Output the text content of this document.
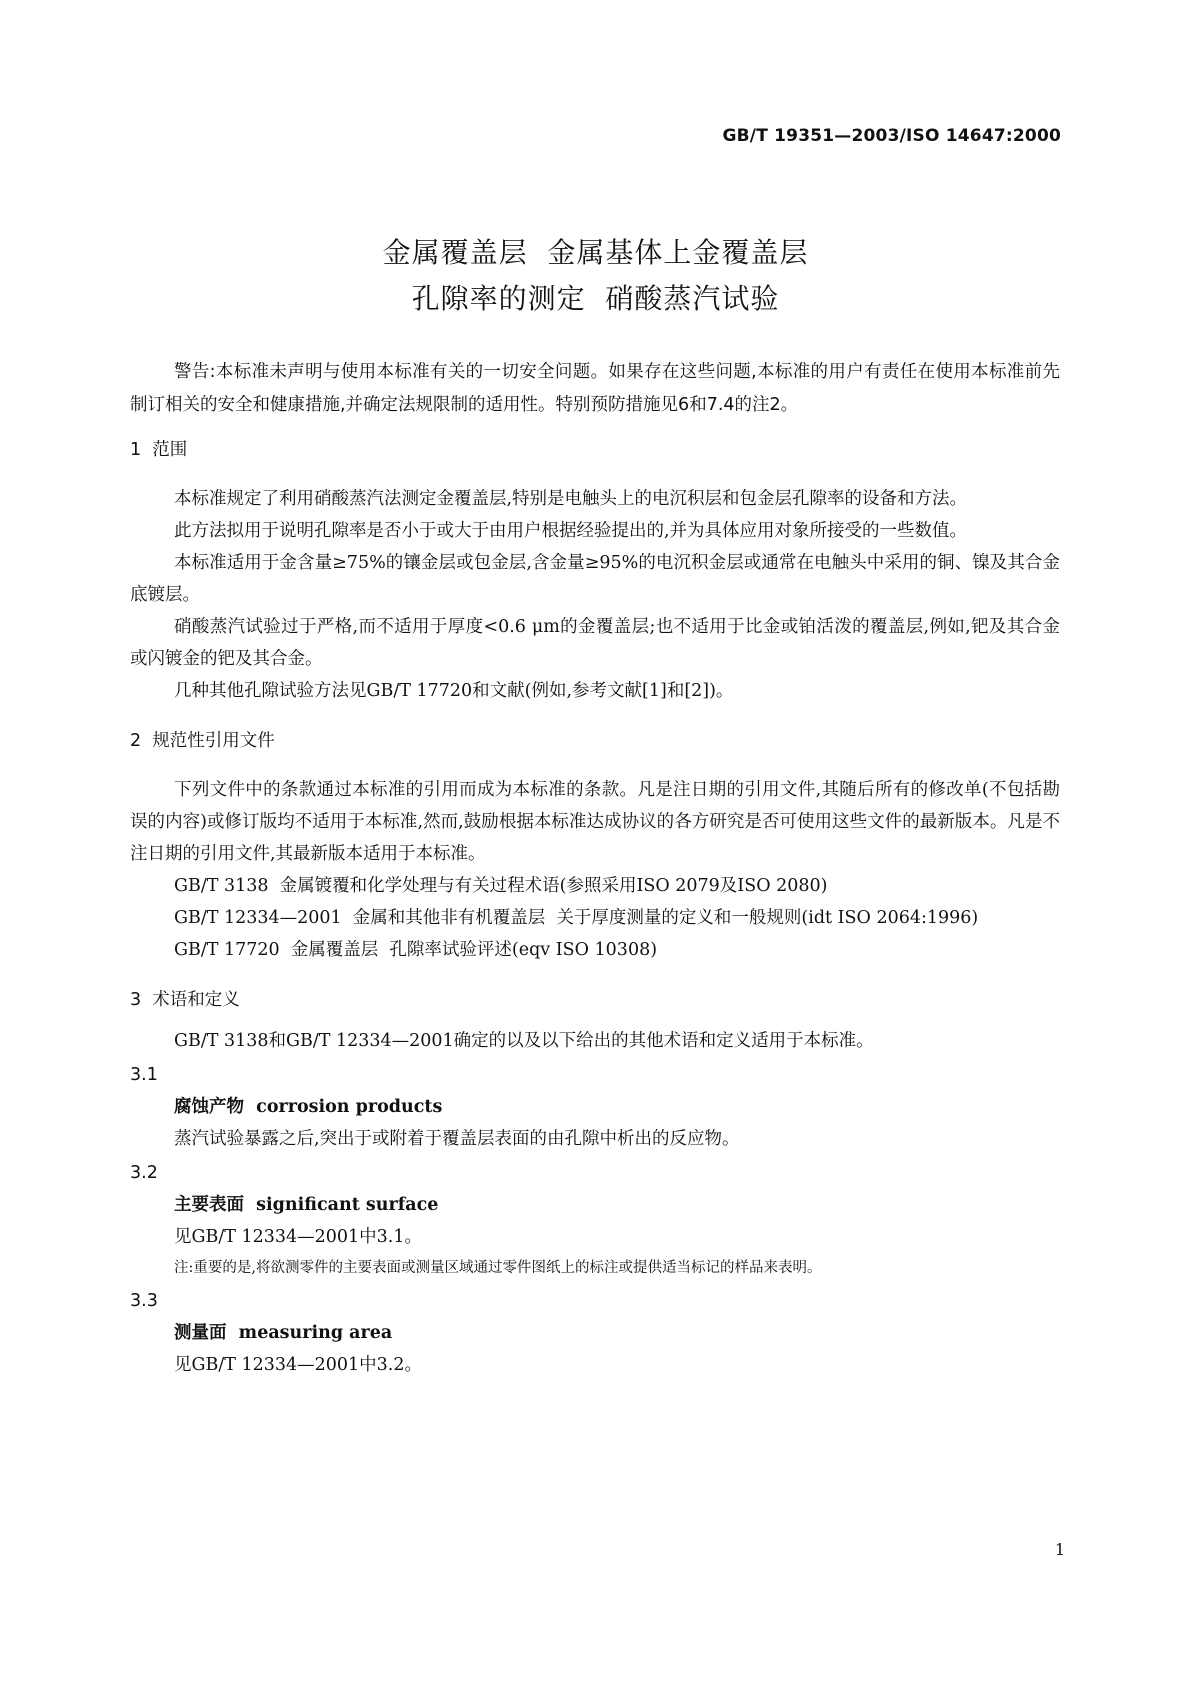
GB/T 19351—2003/ISO 14647:2000
金属覆盖层  金属基体上金覆盖层
孔隙率的测定  硝酸蒸汽试验
警告:本标准未声明与使用本标准有关的一切安全问题。如果存在这些问题,本标准的用户有责任在使用本标准前先制订相关的安全和健康措施,并确定法规限制的适用性。特别预防措施见6和7.4的注2。
1  范围

本标准规定了利用硝酸蒸汽法测定金覆盖层,特别是电触头上的电沉积层和包金层孔隙率的设备和方法。

此方法拟用于说明孔隙率是否小于或大于由用户根据经验提出的,并为具体应用对象所接受的一些数值。

本标准适用于金含量≥75%的镶金层或包金层,含金量≥95%的电沉积金层或通常在电触头中采用的铜、镍及其合金底镀层。

硝酸蒸汽试验过于严格,而不适用于厚度<0.6 μm的金覆盖层;也不适用于比金或铂活泼的覆盖层,例如,钯及其合金或闪镀金的钯及其合金。

几种其他孔隙试验方法见GB/T 17720和文献(例如,参考文献[1]和[2])。

2  规范性引用文件

下列文件中的条款通过本标准的引用而成为本标准的条款。凡是注日期的引用文件,其随后所有的修改单(不包括勘误的内容)或修订版均不适用于本标准,然而,鼓励根据本标准达成协议的各方研究是否可使用这些文件的最新版本。凡是不注日期的引用文件,其最新版本适用于本标准。

GB/T 3138  金属镀覆和化学处理与有关过程术语(参照采用ISO 2079及ISO 2080)

GB/T 12334—2001  金属和其他非有机覆盖层  关于厚度测量的定义和一般规则(idt ISO 2064:1996)

GB/T 17720  金属覆盖层  孔隙率试验评述(eqv ISO 10308)

3  术语和定义

GB/T 3138和GB/T 12334—2001确定的以及以下给出的其他术语和定义适用于本标准。

3.1
腐蚀产物  corrosion products
蒸汽试验暴露之后,突出于或附着于覆盖层表面的由孔隙中析出的反应物。
3.2
主要表面  significant surface
见GB/T 12334—2001中3.1。
注:重要的是,将欲测零件的主要表面或测量区域通过零件图纸上的标注或提供适当标记的样品来表明。
3.3
测量面  measuring area
见GB/T 12334—2001中3.2。
1
